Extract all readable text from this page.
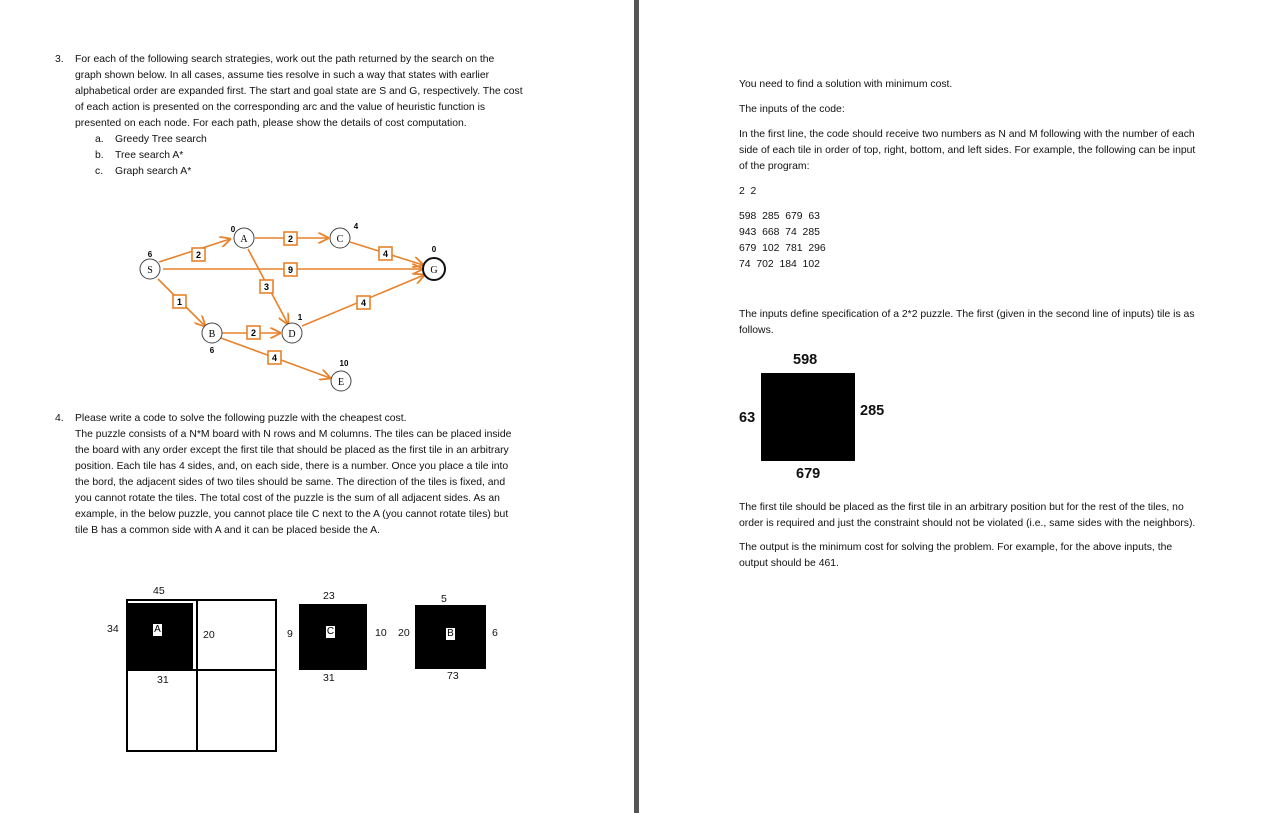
3. For each of the following search strategies, work out the path returned by the search on the
graph shown below. In all cases, assume ties resolve in such a way that states with earlier
alphabetical order are expanded first. The start and goal state are S and G, respectively. The cost
of each action is presented on the corresponding arc and the value of heuristic function is
presented on each node. For each path, please show the details of cost computation.
a. Greedy Tree search
b. Tree search A*
c. Graph search A*
2
1
9
2
3
2
4
4
4
S
6
A
0
B
6
C
4
D
1
E
10
G
0
4. Please write a code to solve the following puzzle with the cheapest cost.
The puzzle consists of a N*M board with N rows and M columns. The tiles can be placed inside
the board with any order except the first tile that should be placed as the first tile in an arbitrary
position. Each tile has 4 sides, and, on each side, there is a number. Once you place a tile into
the bord, the adjacent sides of two tiles should be same. The direction of the tiles is fixed, and
you cannot rotate the tiles. The total cost of the puzzle is the sum of all adjacent sides. As an
example, in the below puzzle, you cannot place tile C next to the A (you cannot rotate tiles) but
tile B has a common side with A and it can be placed beside the A.
A
45
20
31
34	C
23
10
31
9	B
5
6
73
20
You need to find a solution with minimum cost.
The inputs of the code:
In the first line, the code should receive two numbers as N and M following with the number of each
side of each tile in order of top, right, bottom, and left sides. For example, the following can be input
of the program:
2  2
598  285  679  63
943  668  74  285
679  102  781  296
74  702  184  102
The inputs define specification of a 2*2 puzzle. The first (given in the second line of inputs) tile is as
follows.
598
285
679
63
The first tile should be placed as the first tile in an arbitrary position but for the rest of the tiles, no
order is required and just the constraint should not be violated (i.e., same sides with the neighbors).
The output is the minimum cost for solving the problem. For example, for the above inputs, the
output should be 461.
